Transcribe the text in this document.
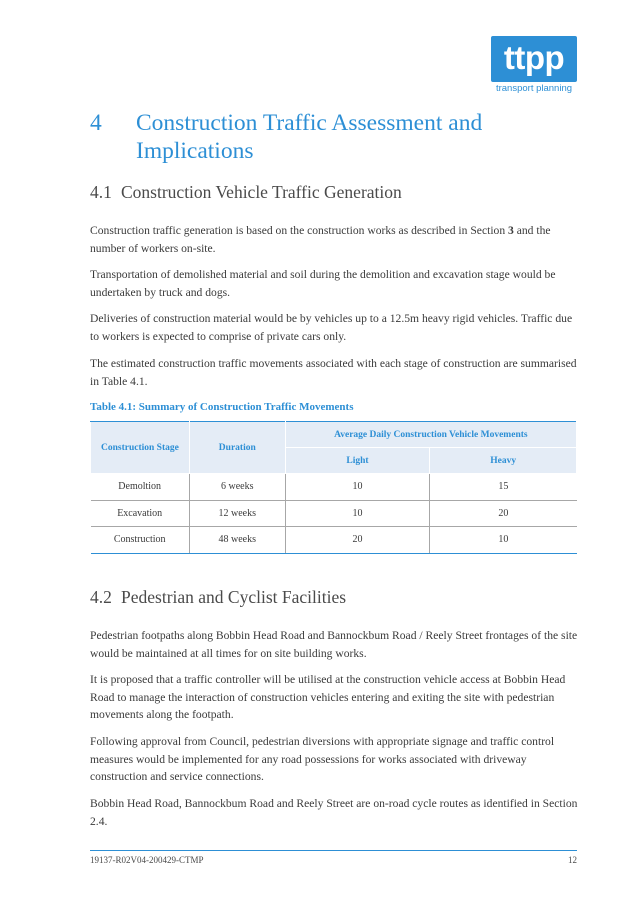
ttpp
transport planning
4 Construction Traffic Assessment and Implications
4.1 Construction Vehicle Traffic Generation
Construction traffic generation is based on the construction works as described in Section 3 and the number of workers on-site.
Transportation of demolished material and soil during the demolition and excavation stage would be undertaken by truck and dogs.
Deliveries of construction material would be by vehicles up to a 12.5m heavy rigid vehicles. Traffic due to workers is expected to comprise of private cars only.
The estimated construction traffic movements associated with each stage of construction are summarised in Table 4.1.
Table 4.1: Summary of Construction Traffic Movements
Construction Stage	Duration	Average Daily Construction Vehicle Movements	
		Light	Heavy
Demoltion	6 weeks	10	15
Excavation	12 weeks	10	20
Construction	48 weeks	20	10
4.2 Pedestrian and Cyclist Facilities
Pedestrian footpaths along Bobbin Head Road and Bannockbum Road / Reely Street frontages of the site would be maintained at all times for on site building works.
It is proposed that a traffic controller will be utilised at the construction vehicle access at Bobbin Head Road to manage the interaction of construction vehicles entering and exiting the site with pedestrian movements along the footpath.
Following approval from Council, pedestrian diversions with appropriate signage and traffic control measures would be implemented for any road possessions for works associated with driveway construction and service connections.
Bobbin Head Road, Bannockbum Road and Reely Street are on-road cycle routes as identified in Section 2.4.
19137-R02V04-200429-CTMP	12
